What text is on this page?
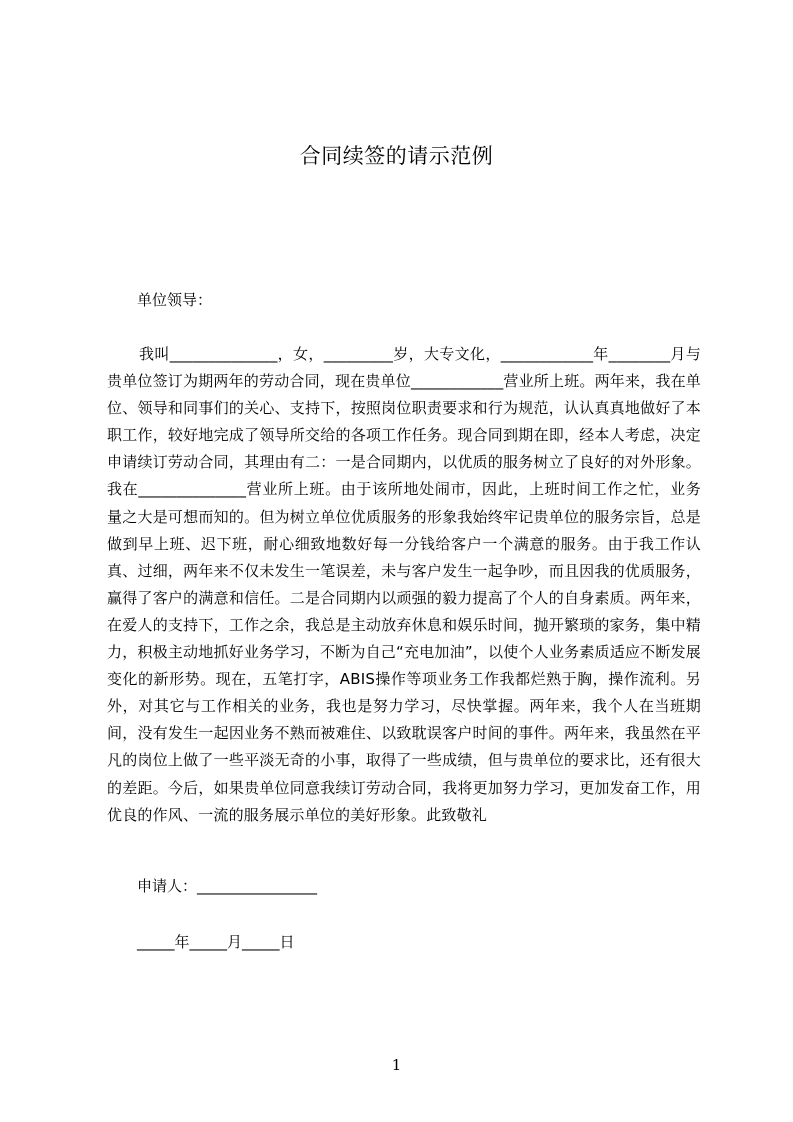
合同续签的请示范例
单位领导：
我叫______________，女，_________岁，大专文化，____________年________月与贵单位签订为期两年的劳动合同，现在贵单位____________营业所上班。两年来，我在单位、领导和同事们的关心、支持下，按照岗位职责要求和行为规范，认认真真地做好了本职工作，较好地完成了领导所交给的各项工作任务。现合同到期在即，经本人考虑，决定申请续订劳动合同，其理由有二：一是合同期内，以优质的服务树立了良好的对外形象。我在______________营业所上班。由于该所地处闹市，因此，上班时间工作之忙，业务量之大是可想而知的。但为树立单位优质服务的形象我始终牢记贵单位的服务宗旨，总是做到早上班、迟下班，耐心细致地数好每一分钱给客户一个满意的服务。由于我工作认真、过细，两年来不仅未发生一笔误差，未与客户发生一起争吵，而且因我的优质服务，赢得了客户的满意和信任。二是合同期内以顽强的毅力提高了个人的自身素质。两年来，在爱人的支持下，工作之余，我总是主动放弃休息和娱乐时间，抛开繁琐的家务，集中精力，积极主动地抓好业务学习，不断为自己“充电加油”，以使个人业务素质适应不断发展变化的新形势。现在，五笔打字，ABIS操作等项业务工作我都烂熟于胸，操作流利。另外，对其它与工作相关的业务，我也是努力学习，尽快掌握。两年来，我个人在当班期间，没有发生一起因业务不熟而被难住、以致耽误客户时间的事件。两年来，我虽然在平凡的岗位上做了一些平淡无奇的小事，取得了一些成绩，但与贵单位的要求比，还有很大的差距。今后，如果贵单位同意我续订劳动合同，我将更加努力学习，更加发奋工作，用优良的作风、一流的服务展示单位的美好形象。此致敬礼
申请人：________________
_____年_____月_____日
1
